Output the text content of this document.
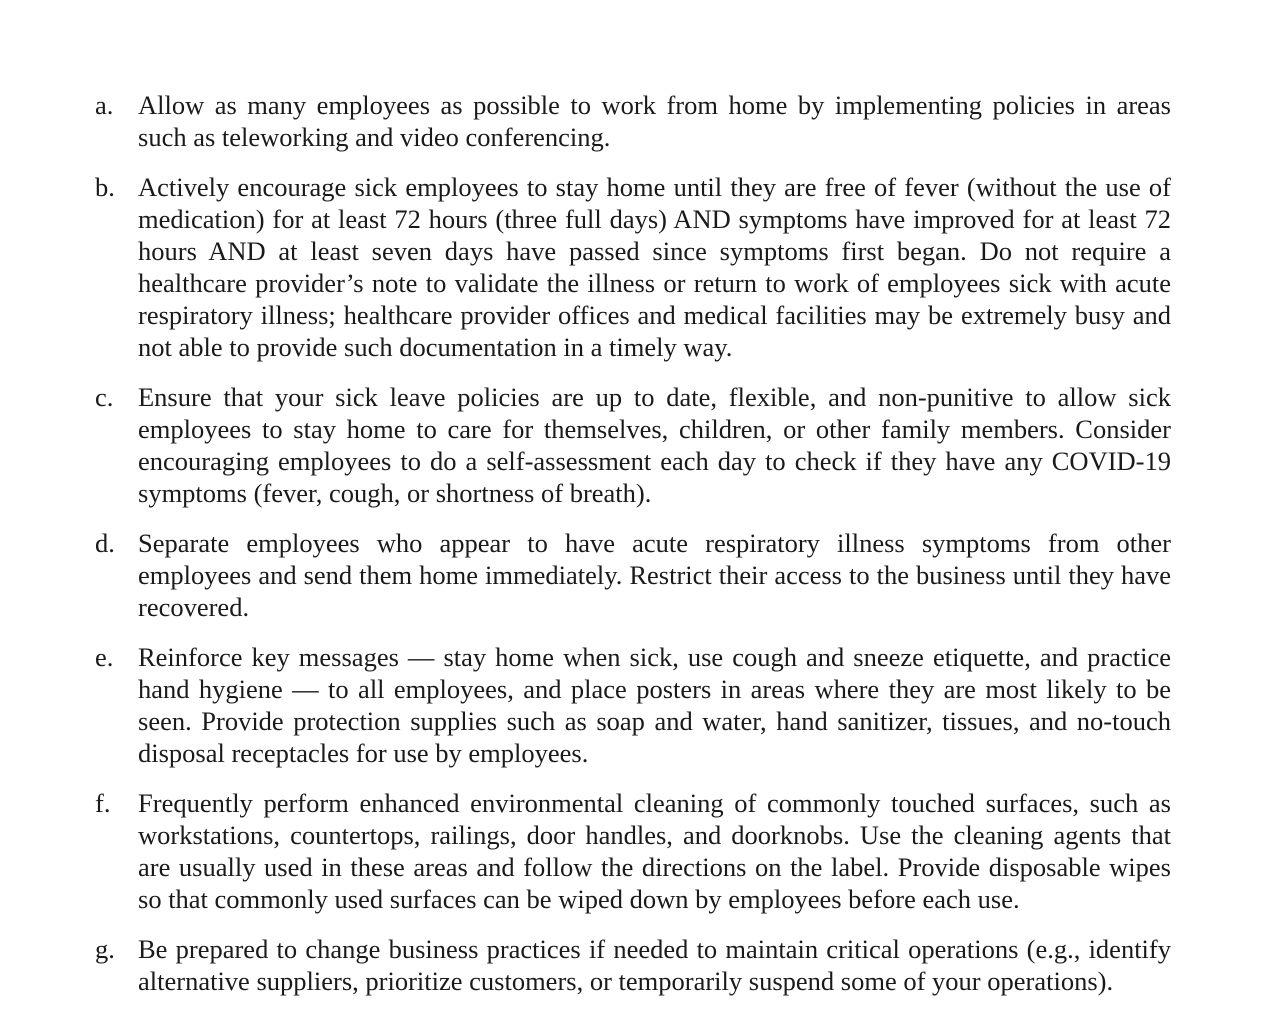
a. Allow as many employees as possible to work from home by implementing policies in areas such as teleworking and video conferencing.
b. Actively encourage sick employees to stay home until they are free of fever (without the use of medication) for at least 72 hours (three full days) AND symptoms have improved for at least 72 hours AND at least seven days have passed since symptoms first began. Do not require a healthcare provider’s note to validate the illness or return to work of employees sick with acute respiratory illness; healthcare provider offices and medical facilities may be extremely busy and not able to provide such documentation in a timely way.
c. Ensure that your sick leave policies are up to date, flexible, and non-punitive to allow sick employees to stay home to care for themselves, children, or other family members. Consider encouraging employees to do a self-assessment each day to check if they have any COVID-19 symptoms (fever, cough, or shortness of breath).
d. Separate employees who appear to have acute respiratory illness symptoms from other employees and send them home immediately. Restrict their access to the business until they have recovered.
e. Reinforce key messages — stay home when sick, use cough and sneeze etiquette, and practice hand hygiene — to all employees, and place posters in areas where they are most likely to be seen. Provide protection supplies such as soap and water, hand sanitizer, tissues, and no-touch disposal receptacles for use by employees.
f.	Frequently perform enhanced environmental cleaning of commonly touched surfaces, such as workstations, countertops, railings, door handles, and doorknobs. Use the cleaning agents that are usually used in these areas and follow the directions on the label. Provide disposable wipes so that commonly used surfaces can be wiped down by employees before each use.
g. Be prepared to change business practices if needed to maintain critical operations (e.g., identify alternative suppliers, prioritize customers, or temporarily suspend some of your operations).
